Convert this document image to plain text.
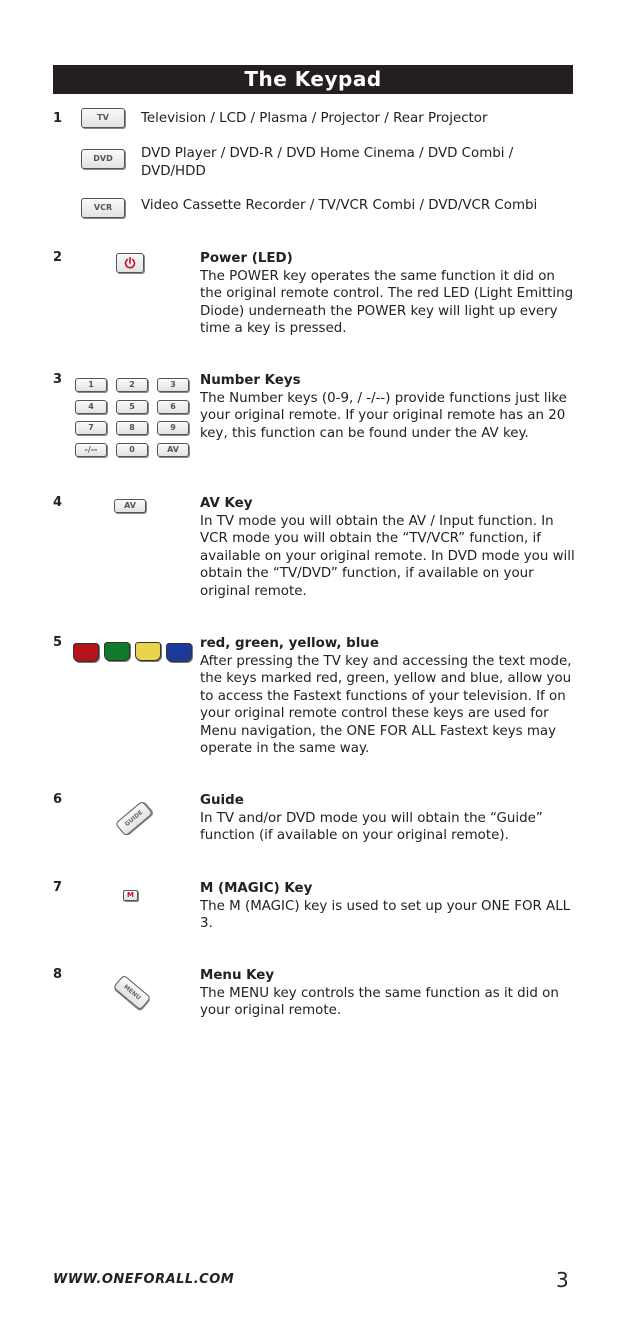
The Keypad
1	TV	Television / LCD / Plasma / Projector / Rear Projector
DVD	DVD Player / DVD-R / DVD Home Cinema / DVD Combi / DVD/HDD
VCR	Video Cassette Recorder / TV/VCR Combi / DVD/VCR Combi
2	Power (LED)
The POWER key operates the same function it did on the original remote control. The red LED (Light Emitting Diode) underneath the POWER key will light up every time a key is pressed.
3	1	2	3
4	5	6
7	8	9
-/--	0	AV
Number Keys
The Number keys (0-9, / -/--) provide functions just like your original remote. If your original remote has an 20 key, this function can be found under the AV key.
4	AV	AV Key
In TV mode you will obtain the AV / Input function. In VCR mode you will obtain the “TV/VCR” function, if available on your original remote. In DVD mode you will obtain the “TV/DVD” function, if available on your original remote.
5	red, green, yellow, blue
After pressing the TV key and accessing the text mode, the keys marked red, green, yellow and blue, allow you to access the Fastext functions of your television. If on your original remote control these keys are used for Menu navigation, the ONE FOR ALL Fastext keys may operate in the same way.
6
GUIDE
Guide
In TV and/or DVD mode you will obtain the “Guide” function (if available on your original remote).
7	M	M (MAGIC) Key
The M (MAGIC) key is used to set up your ONE FOR ALL 3.
8
MENU
Menu Key
The MENU key controls the same function as it did on your original remote.
WWW.ONEFORALL.COM	3
